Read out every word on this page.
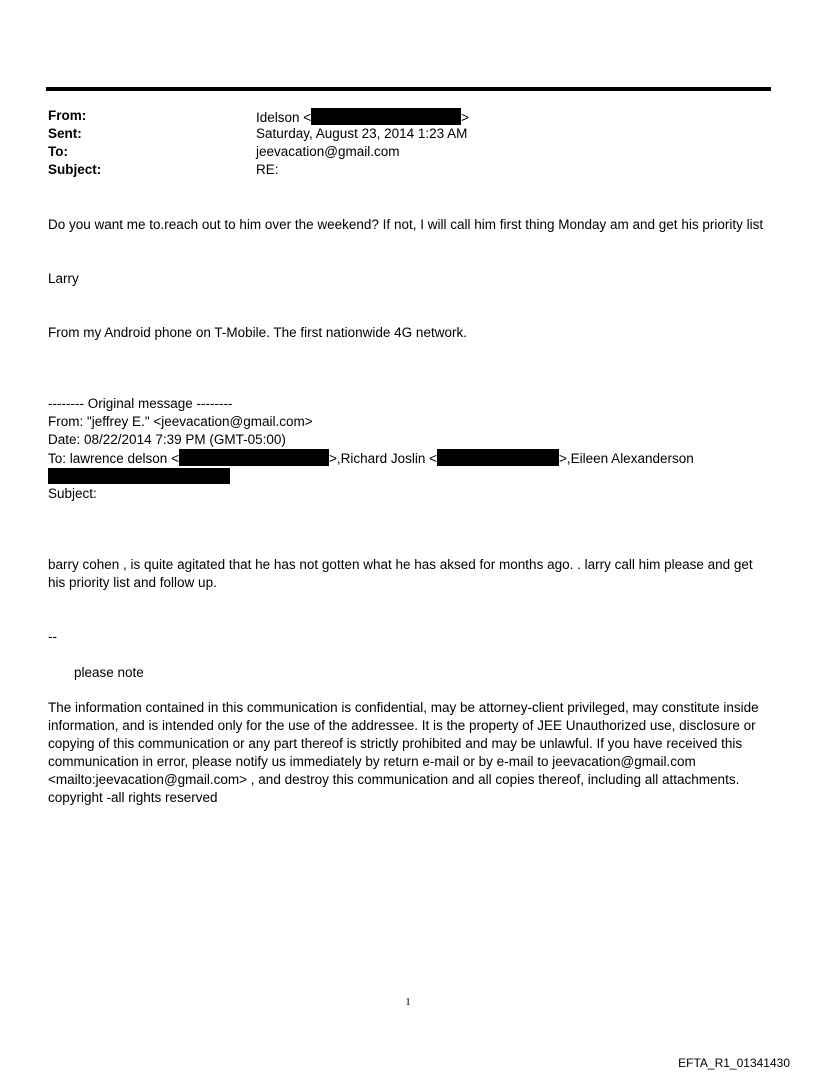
From:	Idelson <	>
Sent:	Saturday, August 23, 2014 1:23 AM
To:	jeevacation@gmail.com
Subject:	RE:
Do you want me to.reach out to him over the weekend? If not, I will call him first thing Monday am and get his priority list
Larry
From my Android phone on T-Mobile. The first nationwide 4G network.
-------- Original message --------
From: "jeffrey E." <jeevacation@gmail.com>
Date: 08/22/2014 7:39 PM (GMT-05:00)
To: lawrence delson <	>,Richard Joslin <	>,Eileen Alexanderson
Subject:
barry cohen , is quite agitated that he has not gotten what he has aksed for months ago. . larry call him please and get his priority list and follow up.
--
please note
The information contained in this communication is confidential, may be attorney-client privileged, may constitute inside information, and is intended only for the use of the addressee. It is the property of JEE Unauthorized use, disclosure or copying of this communication or any part thereof is strictly prohibited and may be unlawful. If you have received this communication in error, please notify us immediately by return e-mail or by e-mail to jeevacation@gmail.com <mailto:jeevacation@gmail.com> , and destroy this communication and all copies thereof, including all attachments. copyright -all rights reserved
1
EFTA_R1_01341430
